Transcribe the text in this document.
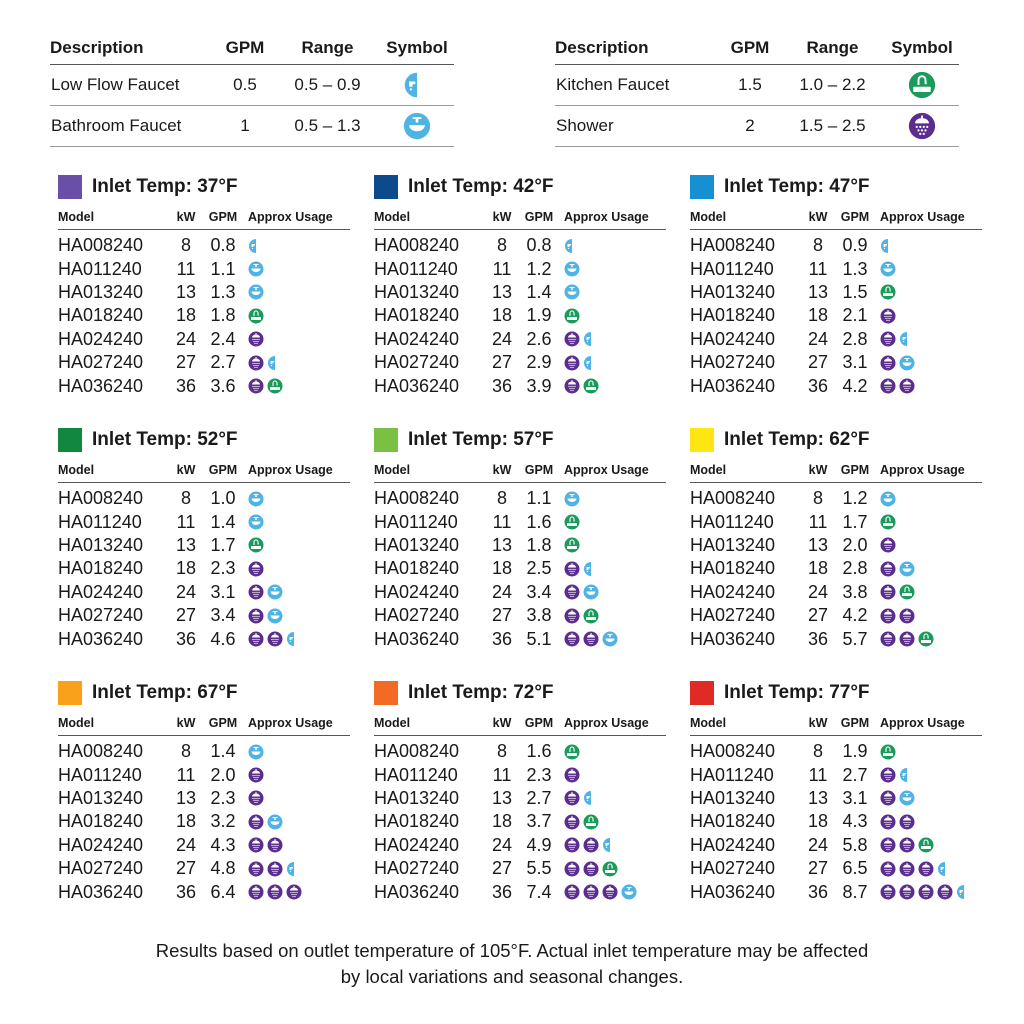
Description	GPM	Range	Symbol
Low Flow Faucet	0.5	0.5 – 0.9	
Bathroom Faucet	1	0.5 – 1.3	
Description	GPM	Range	Symbol
Kitchen Faucet	1.5	1.0 – 2.2	
Shower	2	1.5 – 2.5	
Inlet Temp: 37°F
Model	kW	GPM	Approx Usage
HA008240	8	0.8	

HA011240	11	1.1	

HA013240	13	1.3	

HA018240	18	1.8	

HA024240	24	2.4	

HA027240	27	2.7	

HA036240	36	3.6	
Inlet Temp: 42°F
Model	kW	GPM	Approx Usage
HA008240	8	0.8	

HA011240	11	1.2	

HA013240	13	1.4	

HA018240	18	1.9	

HA024240	24	2.6	

HA027240	27	2.9	

HA036240	36	3.9	
Inlet Temp: 47°F
Model	kW	GPM	Approx Usage
HA008240	8	0.9	

HA011240	11	1.3	

HA013240	13	1.5	

HA018240	18	2.1	

HA024240	24	2.8	

HA027240	27	3.1	

HA036240	36	4.2	
Inlet Temp: 52°F
Model	kW	GPM	Approx Usage
HA008240	8	1.0	

HA011240	11	1.4	

HA013240	13	1.7	

HA018240	18	2.3	

HA024240	24	3.1	

HA027240	27	3.4	

HA036240	36	4.6	
Inlet Temp: 57°F
Model	kW	GPM	Approx Usage
HA008240	8	1.1	

HA011240	11	1.6	

HA013240	13	1.8	

HA018240	18	2.5	

HA024240	24	3.4	

HA027240	27	3.8	

HA036240	36	5.1	
Inlet Temp: 62°F
Model	kW	GPM	Approx Usage
HA008240	8	1.2	

HA011240	11	1.7	

HA013240	13	2.0	

HA018240	18	2.8	

HA024240	24	3.8	

HA027240	27	4.2	

HA036240	36	5.7	
Inlet Temp: 67°F
Model	kW	GPM	Approx Usage
HA008240	8	1.4	

HA011240	11	2.0	

HA013240	13	2.3	

HA018240	18	3.2	

HA024240	24	4.3	

HA027240	27	4.8	

HA036240	36	6.4	
Inlet Temp: 72°F
Model	kW	GPM	Approx Usage
HA008240	8	1.6	

HA011240	11	2.3	

HA013240	13	2.7	

HA018240	18	3.7	

HA024240	24	4.9	

HA027240	27	5.5	

HA036240	36	7.4	
Inlet Temp: 77°F
Model	kW	GPM	Approx Usage
HA008240	8	1.9	

HA011240	11	2.7	

HA013240	13	3.1	

HA018240	18	4.3	

HA024240	24	5.8	

HA027240	27	6.5	

HA036240	36	8.7	
Results based on outlet temperature of 105°F. Actual inlet temperature may be affected
by local variations and seasonal changes.
